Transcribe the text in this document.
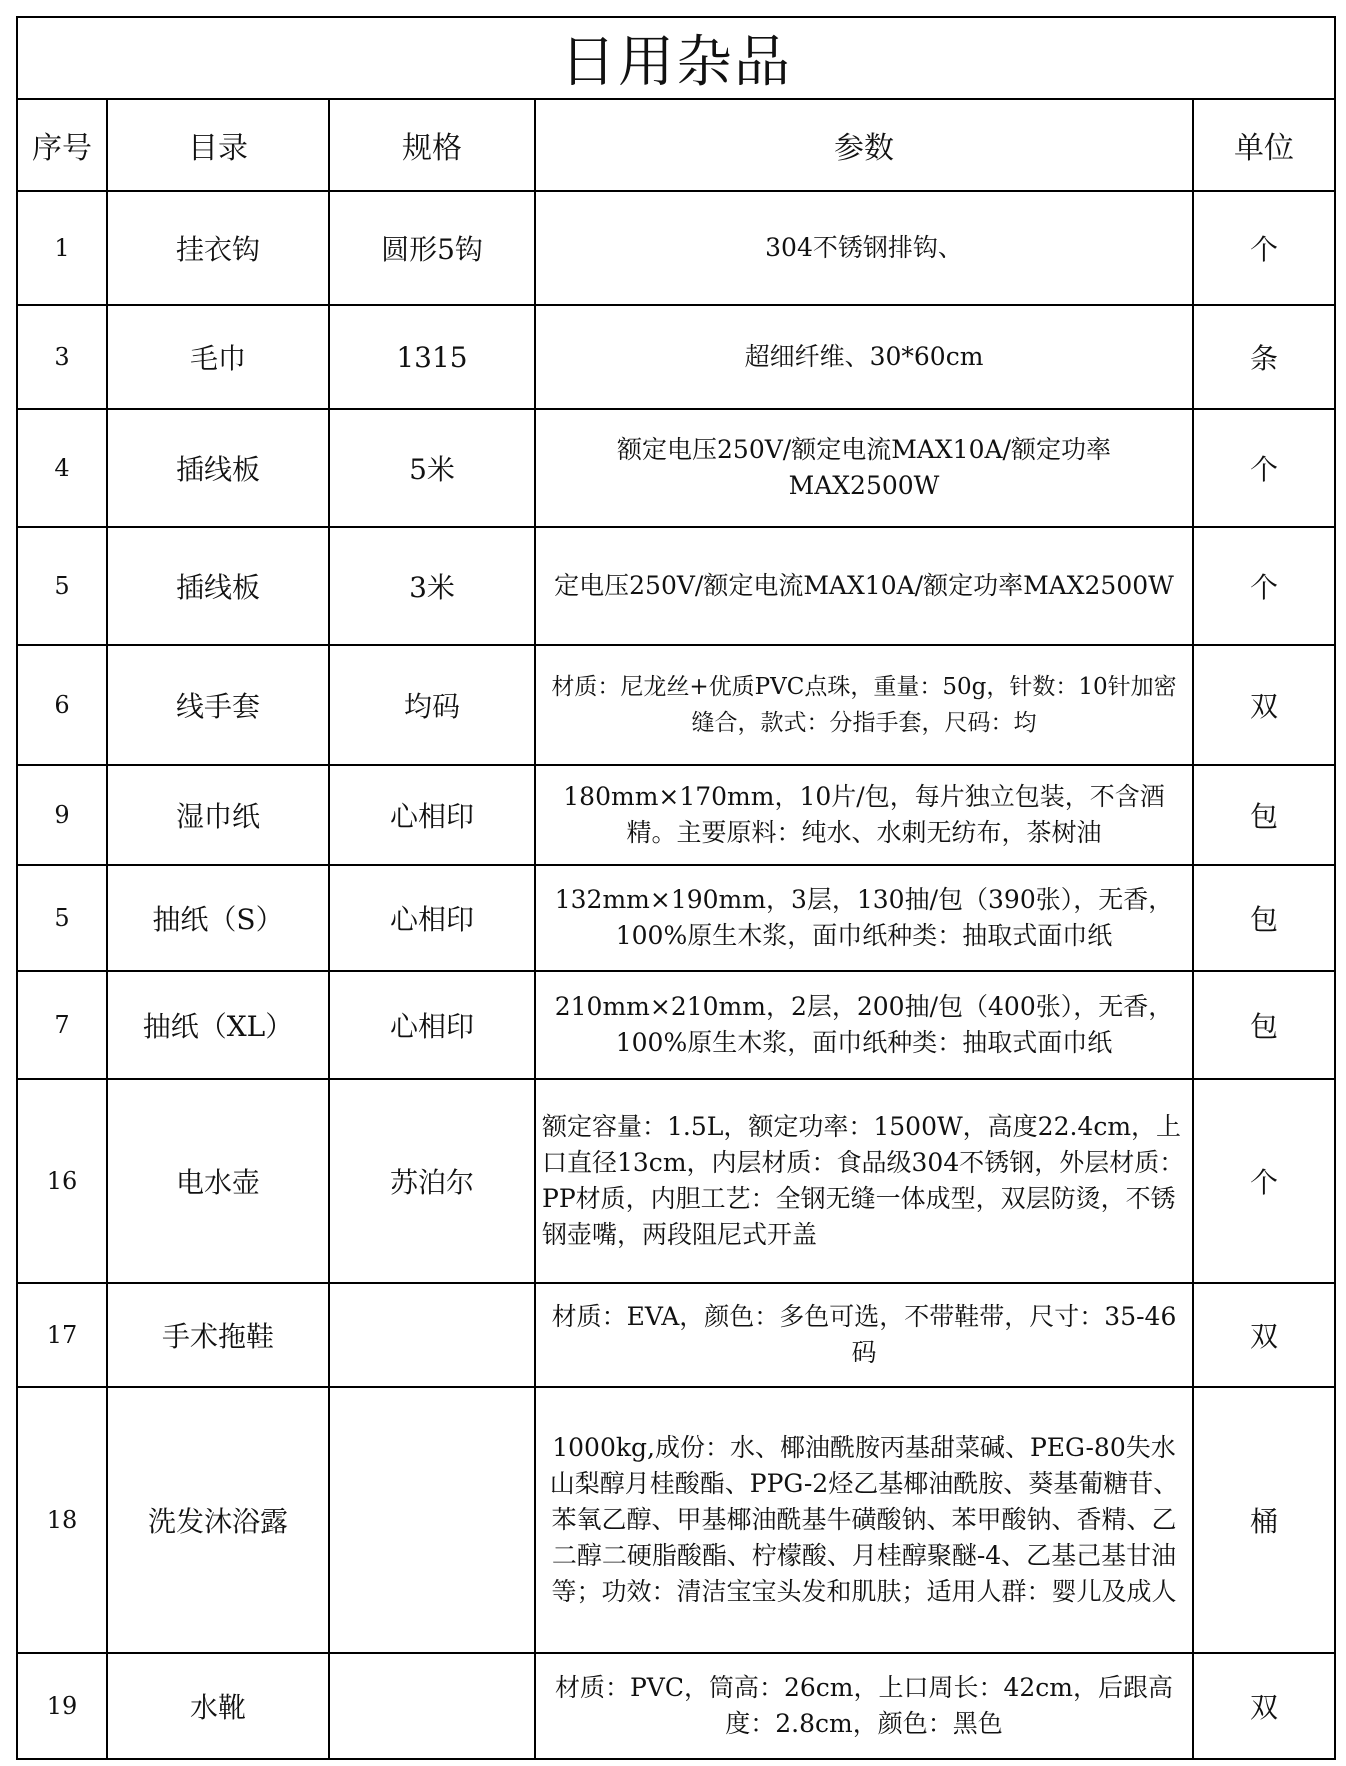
日用杂品				
序号	目录	规格	参数	单位
1	挂衣钩	圆形5钩	304不锈钢排钩、	个
3	毛巾	1315	超细纤维、30*60cm	条
4	插线板	5米	额定电压250V/额定电流MAX10A/额定功率MAX2500W	个
5	插线板	3米	定电压250V/额定电流MAX10A/额定功率MAX2500W	个
6	线手套	均码	材质：尼龙丝+优质PVC点珠，重量：50g，针数：10针加密缝合，款式：分指手套，尺码：均	双
9	湿巾纸	心相印	180mm×170mm，10片/包，每片独立包装，不含酒精。主要原料：纯水、水刺无纺布，茶树油	包
5	抽纸（S）	心相印	132mm×190mm，3层，130抽/包（390张），无香，100%原生木浆，面巾纸种类：抽取式面巾纸	包
7	抽纸（XL）	心相印	210mm×210mm，2层，200抽/包（400张），无香，100%原生木浆，面巾纸种类：抽取式面巾纸	包
16	电水壶	苏泊尔	额定容量：1.5L，额定功率：1500W，高度22.4cm，上口直径13cm，内层材质：食品级304不锈钢，外层材质：PP材质，内胆工艺：全钢无缝一体成型，双层防烫，不锈钢壶嘴，两段阻尼式开盖	个
17	手术拖鞋		材质：EVA，颜色：多色可选，不带鞋带，尺寸：35-46码	双
18	洗发沐浴露		1000kg,成份：水、椰油酰胺丙基甜菜碱、PEG-80失水山梨醇月桂酸酯、PPG-2烃乙基椰油酰胺、葵基葡糖苷、苯氧乙醇、甲基椰油酰基牛磺酸钠、苯甲酸钠、香精、乙二醇二硬脂酸酯、柠檬酸、月桂醇聚醚-4、乙基己基甘油等；功效：清洁宝宝头发和肌肤；适用人群：婴儿及成人	桶
19	水靴		材质：PVC，筒高：26cm，上口周长：42cm，后跟高度：2.8cm，颜色：黑色	双
